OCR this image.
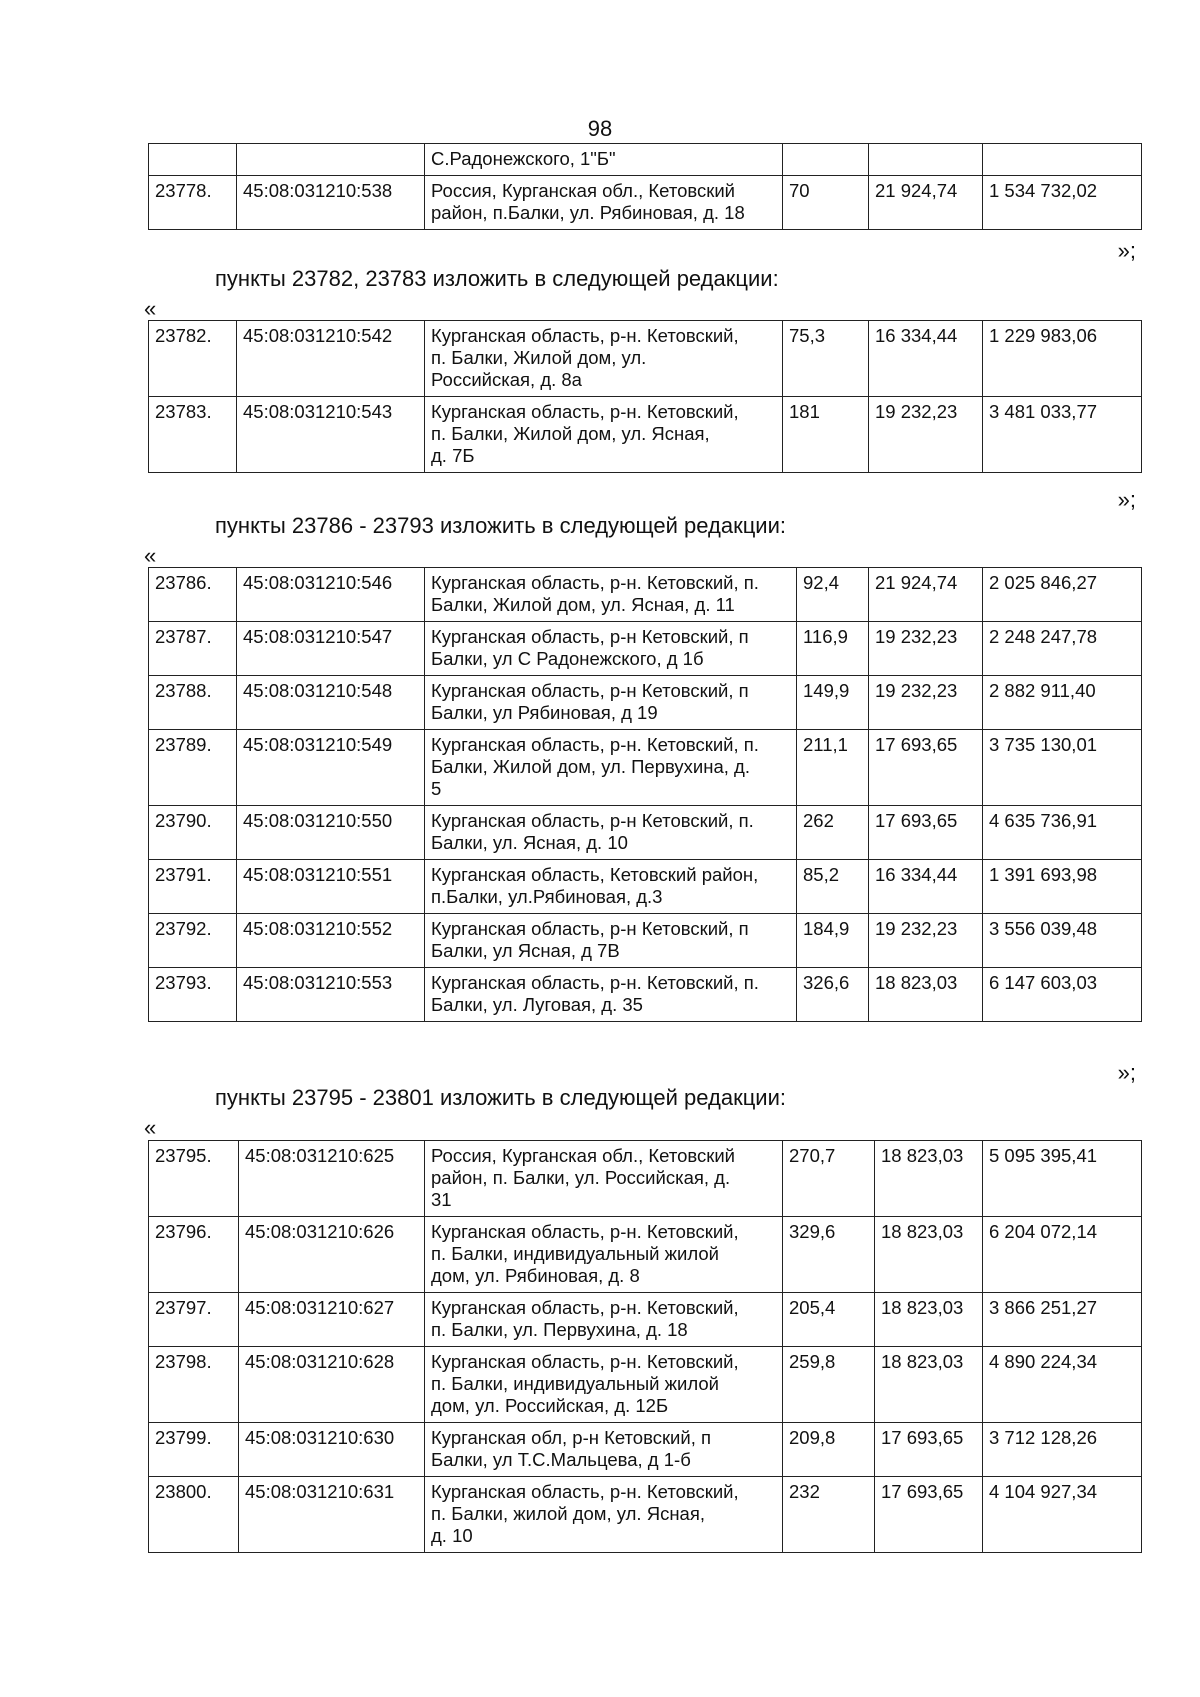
98
		С.Радонежского, 1"Б"			
23778.	45:08:031210:538	Россия, Курганская обл., Кетовский
район, п.Балки, ул. Рябиновая, д. 18	70	21 924,74	1 534 732,02
»;
пункты 23782, 23783 изложить в следующей редакции:
«
23782.	45:08:031210:542	Курганская область, р-н. Кетовский,
п. Балки, Жилой дом, ул.
Российская, д. 8а	75,3	16 334,44	1 229 983,06
23783.	45:08:031210:543	Курганская область, р-н. Кетовский,
п. Балки, Жилой дом, ул. Ясная,
д. 7Б	181	19 232,23	3 481 033,77
»;
пункты 23786 - 23793 изложить в следующей редакции:
«
23786.	45:08:031210:546	Курганская область, р-н. Кетовский, п.
Балки, Жилой дом, ул. Ясная, д. 11	92,4	21 924,74	2 025 846,27
23787.	45:08:031210:547	Курганская область, р-н Кетовский, п
Балки, ул С Радонежского, д 1б	116,9	19 232,23	2 248 247,78
23788.	45:08:031210:548	Курганская область, р-н Кетовский, п
Балки, ул Рябиновая, д 19	149,9	19 232,23	2 882 911,40
23789.	45:08:031210:549	Курганская область, р-н. Кетовский, п.
Балки, Жилой дом, ул. Первухина, д.
5	211,1	17 693,65	3 735 130,01
23790.	45:08:031210:550	Курганская область, р-н Кетовский, п.
Балки, ул. Ясная, д. 10	262	17 693,65	4 635 736,91
23791.	45:08:031210:551	Курганская область, Кетовский район,
п.Балки, ул.Рябиновая, д.3	85,2	16 334,44	1 391 693,98
23792.	45:08:031210:552	Курганская область, р-н Кетовский, п
Балки, ул Ясная, д 7В	184,9	19 232,23	3 556 039,48
23793.	45:08:031210:553	Курганская область, р-н. Кетовский, п.
Балки, ул. Луговая, д. 35	326,6	18 823,03	6 147 603,03
»;
пункты 23795 - 23801 изложить в следующей редакции:
«
23795.	45:08:031210:625	Россия, Курганская обл., Кетовский
район, п. Балки, ул. Российская, д.
31	270,7	18 823,03	5 095 395,41
23796.	45:08:031210:626	Курганская область, р-н. Кетовский,
п. Балки, индивидуальный жилой
дом, ул. Рябиновая, д. 8	329,6	18 823,03	6 204 072,14
23797.	45:08:031210:627	Курганская область, р-н. Кетовский,
п. Балки, ул. Первухина, д. 18	205,4	18 823,03	3 866 251,27
23798.	45:08:031210:628	Курганская область, р-н. Кетовский,
п. Балки, индивидуальный жилой
дом, ул. Российская, д. 12Б	259,8	18 823,03	4 890 224,34
23799.	45:08:031210:630	Курганская обл, р-н Кетовский, п
Балки, ул Т.С.Мальцева, д 1-б	209,8	17 693,65	3 712 128,26
23800.	45:08:031210:631	Курганская область, р-н. Кетовский,
п. Балки, жилой дом, ул. Ясная,
д. 10	232	17 693,65	4 104 927,34
